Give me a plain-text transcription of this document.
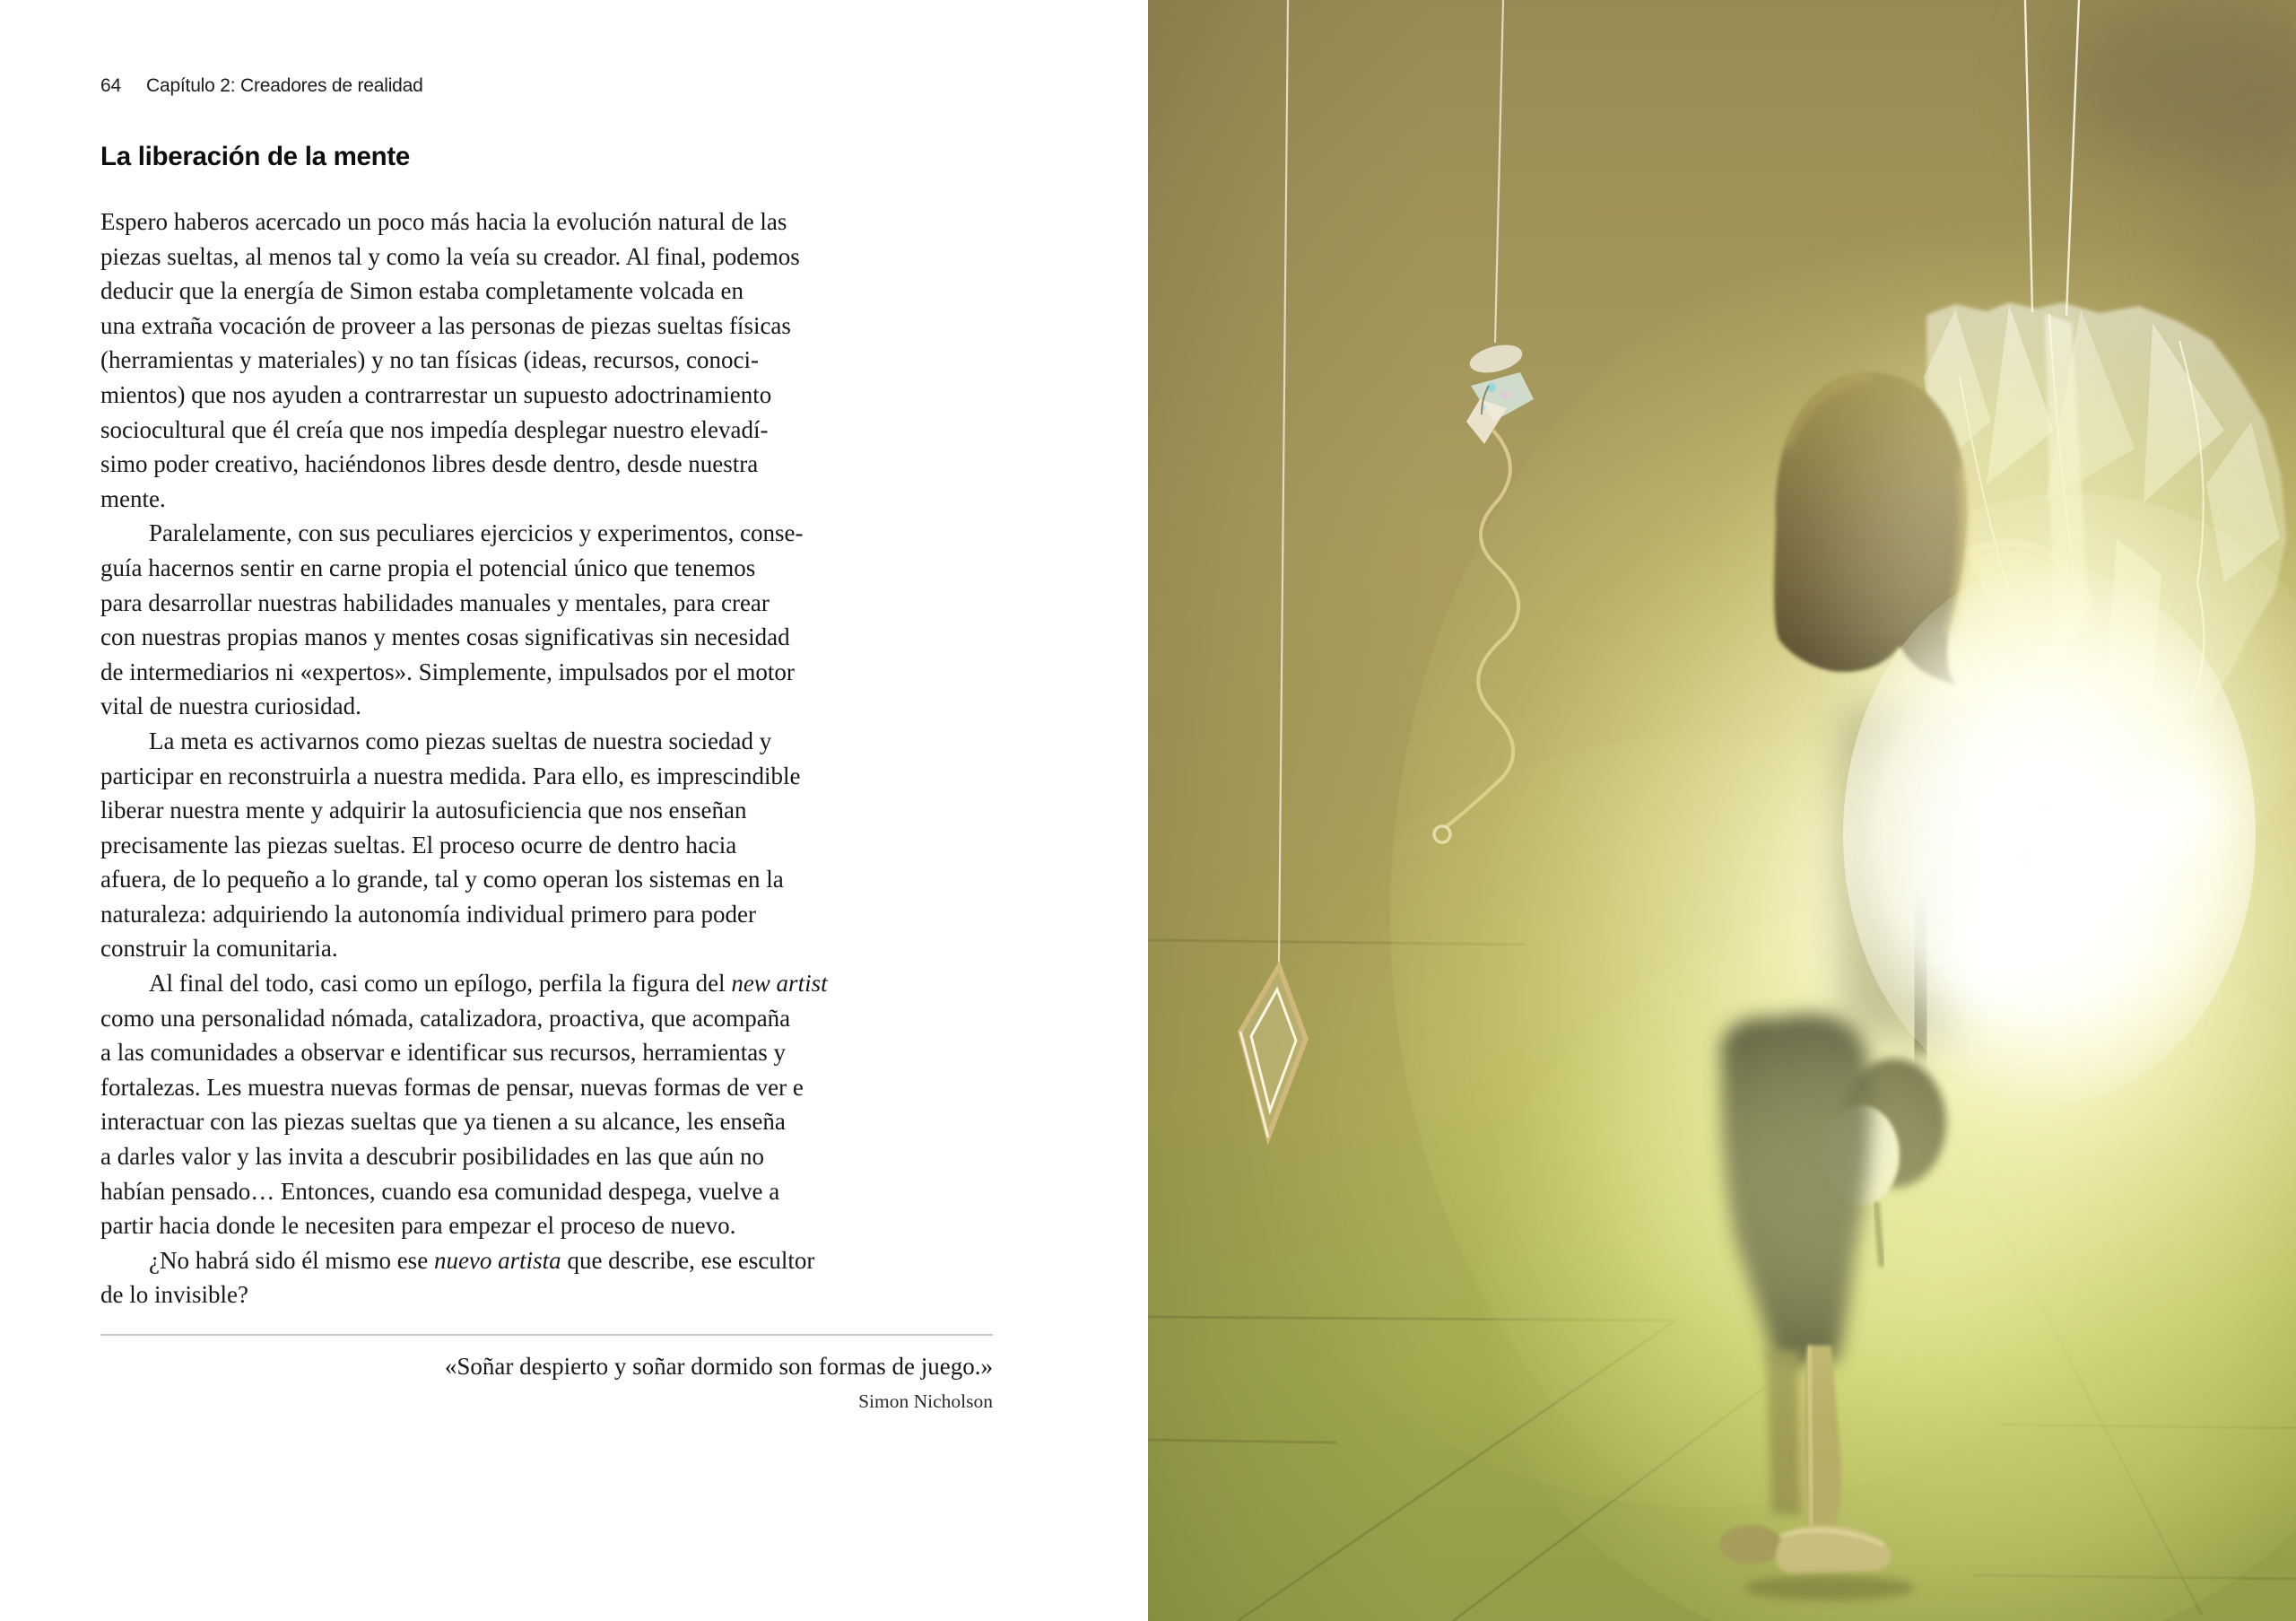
64 Capítulo 2: Creadores de realidad
La liberación de la mente
Espero haberos acercado un poco más hacia la evolución natural de las
piezas sueltas, al menos tal y como la veía su creador. Al final, podemos
deducir que la energía de Simon estaba completamente volcada en
una extraña vocación de proveer a las personas de piezas sueltas físicas
(herramientas y materiales) y no tan físicas (ideas, recursos, conoci-
mientos) que nos ayuden a contrarrestar un supuesto adoctrinamiento
sociocultural que él creía que nos impedía desplegar nuestro elevadí-
simo poder creativo, haciéndonos libres desde dentro, desde nuestra
mente.
Paralelamente, con sus peculiares ejercicios y experimentos, conse-
guía hacernos sentir en carne propia el potencial único que tenemos
para desarrollar nuestras habilidades manuales y mentales, para crear
con nuestras propias manos y mentes cosas significativas sin necesidad
de intermediarios ni «expertos». Simplemente, impulsados por el motor
vital de nuestra curiosidad.
La meta es activarnos como piezas sueltas de nuestra sociedad y
participar en reconstruirla a nuestra medida. Para ello, es imprescindible
liberar nuestra mente y adquirir la autosuficiencia que nos enseñan
precisamente las piezas sueltas. El proceso ocurre de dentro hacia
afuera, de lo pequeño a lo grande, tal y como operan los sistemas en la
naturaleza: adquiriendo la autonomía individual primero para poder
construir la comunitaria.
Al final del todo, casi como un epílogo, perfila la figura del new artist
como una personalidad nómada, catalizadora, proactiva, que acompaña
a las comunidades a observar e identificar sus recursos, herramientas y
fortalezas. Les muestra nuevas formas de pensar, nuevas formas de ver e
interactuar con las piezas sueltas que ya tienen a su alcance, les enseña
a darles valor y las invita a descubrir posibilidades en las que aún no
habían pensado… Entonces, cuando esa comunidad despega, vuelve a
partir hacia donde le necesiten para empezar el proceso de nuevo.
¿No habrá sido él mismo ese nuevo artista que describe, ese escultor
de lo invisible?
«Soñar despierto y soñar dormido son formas de juego.»
Simon Nicholson
